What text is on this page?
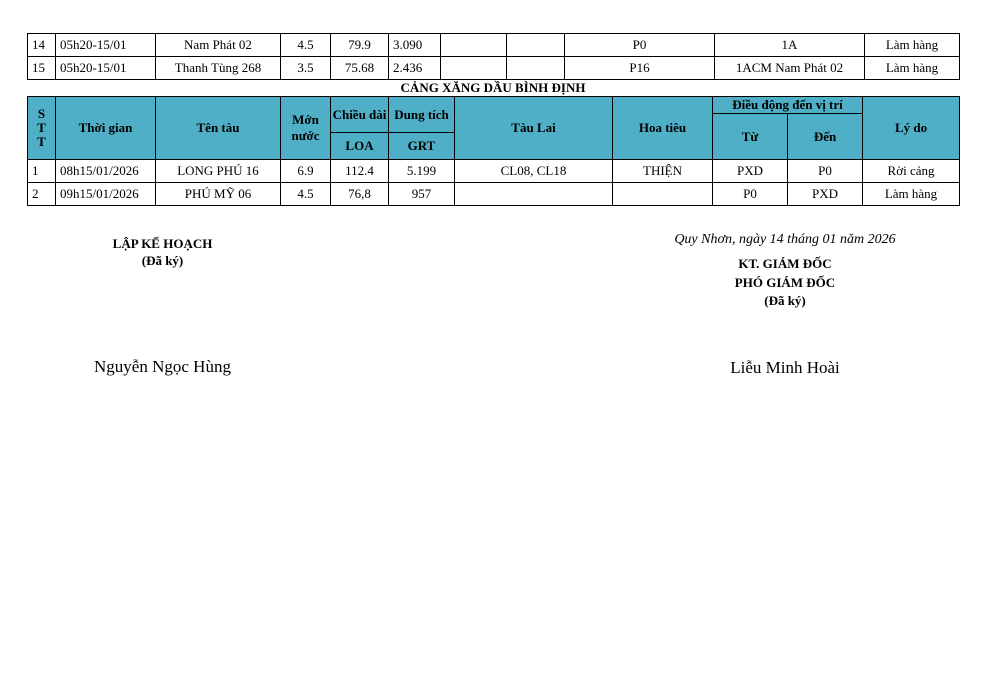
14	05h20-15/01	Nam Phát 02	4.5	79.9	3.090			P0	1A	Làm hàng
15	05h20-15/01	Thanh Tùng 268	3.5	75.68	2.436			P16	1ACM Nam Phát 02	Làm hàng
CẢNG XĂNG DẦU BÌNH ĐỊNH
S
T
T	Thời gian	Tên tàu	Mớn nước	Chiều dài	Dung tích	Tàu Lai	Hoa tiêu	Điều động đến vị trí		Lý do
								Từ	Đến	
				LOA	GRT					
1	08h15/01/2026	LONG PHÚ 16	6.9	112.4	5.199	CL08, CL18	THIỆN	PXD	P0	Rời cảng
2	09h15/01/2026	PHÚ MỸ 06	4.5	76,8	957			P0	PXD	Làm hàng
LẬP KẾ HOẠCH
(Đã ký)
Nguyễn Ngọc Hùng
Quy Nhơn, ngày 14 tháng 01 năm 2026
KT. GIÁM ĐỐC
PHÓ GIÁM ĐỐC
(Đã ký)
Liễu Minh Hoài
